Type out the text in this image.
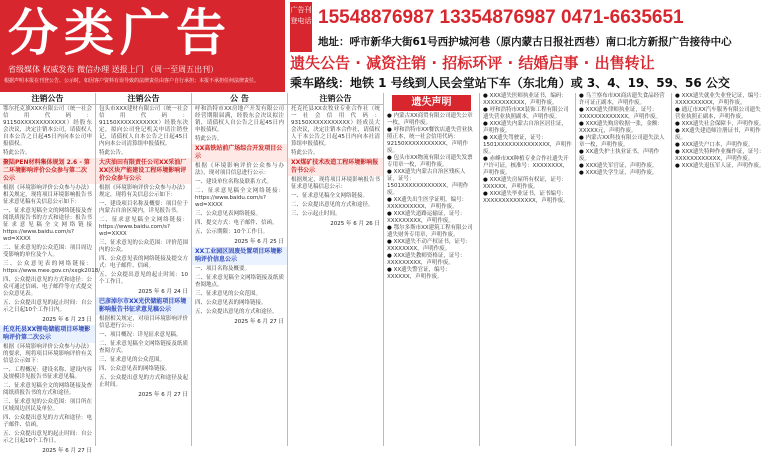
分类广告
省级媒体 权威发布 微信办理 送报上门 （周一至周五出刊）
根据声明本报在刊登公告、公示时，如因客户资料有误导致的法律责任由客户自行承担；本报不承担任何法律责任。
广告刊登电话 15548876987 13354876987 0471-6635651
地址：呼市新华大街61号西护城河巷（原内蒙古日报社西巷）南口北方新报广告接待中心
遗失公告 · 减资注销 · 招标环评 · 结婚启事 · 出售转让
乘车路线：地铁 1 号线到人民会堂站下车（东北角）或 3、4、19、59、56 公交
注销公告
鄂尔托克旗XXX有限公司（统一社会信用代码：91150XXXXXXXXXXXX）经股东会决议，决定注销本公司，请债权人自本公告之日起45日内向本公司申报债权。
特此公告。
聚陆PEN材料集体规划 2.6 - 第二环境影响评价公众参与第二次公示
根据《环境影响评价公众参与办法》相关规定，现将项目环境影响报告书征求意见稿有关信息公示如下：
一、征求意见稿全文的网络链接及查阅纸质报告书的方式和途径：报告书征求意见稿全文网络链接 https://www.baidu.com/s?wd=XXXX
二、征求意见的公众范围：项目周边受影响的单位及个人。
三、公众意见表的网络链接：https://www.mee.gov.cn/xxgk2018/
四、公众提出意见的方式和途径：公众可通过信函、电子邮件等方式提交公众意见表。
五、公众提出意见的起止时间：自公示之日起10个工作日内。
2025 年 6 月 23 日
托克托县XX锂电储能项目环境影响评价第二次公示
根据《环境影响评价公众参与办法》的要求，现将项目环境影响评价有关信息公示如下：
一、工程概况：建设名称、建设内容及规模详见报告书征求意见稿。
二、征求意见稿全文的网络链接及查阅纸质报告书的方式和途径。
三、征求意见的公众范围：项目所在区域周边居民及单位。
四、公众提出意见的方式和途径：电子邮件、信函。
五、公众提出意见的起止时间：自公示之日起10个工作日。
2025 年 6 月 27 日
注销公告
包头市XXX建材有限公司（统一社会信用代码：91150XXXXXXXXXXX）经股东决定，拟向公司登记机关申请注销登记，请债权人自本公告之日起45日内向本公司清算组申报债权。
特此公告。
大庆油田有限责任公司XX采油厂XX区块产能建设工程环境影响评价公众参与公示
根据《环境影响评价公众参与办法》规定，现将有关信息公示如下：
一、建设项目名称及概要：项目位于内蒙古自治区境内，详见报告书。
二、征求意见稿全文网络链接：https://www.baidu.com/s?wd=XXXX
三、征求意见的公众范围：评价范围内的公众。
四、公众意见表的网络链接及提交方式：电子邮件、信函。
五、公众提出意见的起止时间：10个工作日。
2025 年 6 月 24 日
巴彦淖尔市XX光伏储能项目环境影响报告书征求意见稿公示
根据相关规定，对项目环境影响评价信息进行公示：
一、项目概况：详见征求意见稿。
二、征求意见稿全文网络链接及纸质查阅方式。
三、征求意见的公众范围。
四、公众意见表的网络链接。
五、公众提出意见的方式和途径及起止时间。
2025 年 6 月 27 日
公 告
呼和浩特市XX房地产开发有限公司经营期限届满，经股东会决议拟注销，请债权人自公告之日起45日内申报债权。
特此公告。
XX高铁站前广场综合开发项目公示
根据《环境影响评价公众参与办法》，现对项目信息进行公示：
一、建设单位名称及联系方式。
二、征求意见稿全文网络链接：https://www.baidu.com/s?wd=XXXX
三、公众意见表网络链接。
四、提交方式：电子邮件、信函。
五、公示期限：10个工作日。
2025 年 6 月 25 日
XX工业园区固废处置项目环境影响评价信息公示
一、项目名称及概要。
二、征求意见稿全文网络链接及纸质查阅地点。
三、征求意见的公众范围。
四、公众意见表的网络链接。
五、公众提出意见的方式和途径。
2025 年 6 月 27 日
注销公告
托克托县XX农牧业专业合作社（统一社会信用代码：93150XXXXXXXXXXX）经成员大会决议，决定注销本合作社，请债权人于本公告之日起45日内向本社清算组申报债权。
特此公告。
XX煤矿技术改造工程环境影响报告书公示
根据规定，现将项目环境影响报告书征求意见稿信息公示：
一、征求意见稿全文网络链接。
二、公众提出意见的方式和途径。
三、公示起止时间。
2025 年 6 月 26 日
遗失声明
● 内蒙古XX商贸有限公司遗失公章一枚，声明作废。
● 呼和浩特市XX餐饮店遗失营业执照正本，统一社会信用代码：92150XXXXXXXXXXX，声明作废。
● 包头市XX物流有限公司遗失发票专用章一枚，声明作废。
● XXX遗失内蒙古自治区残疾人证，证号：1501XXXXXXXXXXXX，声明作废。
● XX遗失出生医学证明，编号：XXXXXXXXXX，声明作废。
● XXX遗失道路运输证，证号：XXXXXXXXX，声明作废。
● 鄂尔多斯市XX建筑工程有限公司遗失财务专用章，声明作废。
● XXX遗失不动产权证书，证号：XXXXXXXX，声明作废。
● XXX遗失教师资格证，证号：XXXXXXXXX，声明作废。
● XX遗失警官证，编号：XXXXXX，声明作废。
● XXX遗失医师执业证书，编码：XXXXXXXXXXX，声明作废。
● 呼和浩特市XX装饰工程有限公司遗失营业执照副本，声明作废。
● XXX遗失内蒙古自治区居住证，声明作废。
● XX遗失驾驶证，证号：1501XXXXXXXXXXXXXX，声明作废。
● 赤峰市XX种植专业合作社遗失开户许可证，核准号：XXXXXXXX，声明作废。
● XXX遗失房屋所有权证，证号：XXXXXX，声明作废。
● XXX遗失毕业证书，证书编号：XXXXXXXXXXXXXX，声明作废。
● 乌兰察布市XX商店遗失食品经营许可证正副本，声明作废。
● XXX遗失律师执业证，证号：XXXXXXXXXXXXX，声明作废。
● XXX遗失购房收据一张，金额：XXXXX元，声明作废。
● 内蒙古XX科技有限公司遗失法人章一枚，声明作废。
● XX遗失护士执业证书，声明作废。
● XXX遗失军官证，声明作废。
● XXX遗失学生证，声明作废。
● XXX遗失就业失业登记证，编号：XXXXXXXXXX，声明作废。
● 通辽市XX汽车服务有限公司遗失营业执照正副本，声明作废。
● XXX遗失社会保障卡，声明作废。
● XX遗失建造师注册证书，声明作废。
● XXX遗失户口本，声明作废。
● XXX遗失特种作业操作证，证号：XXXXXXXXXXXX，声明作废。
● XXX遗失退伍军人证，声明作废。
